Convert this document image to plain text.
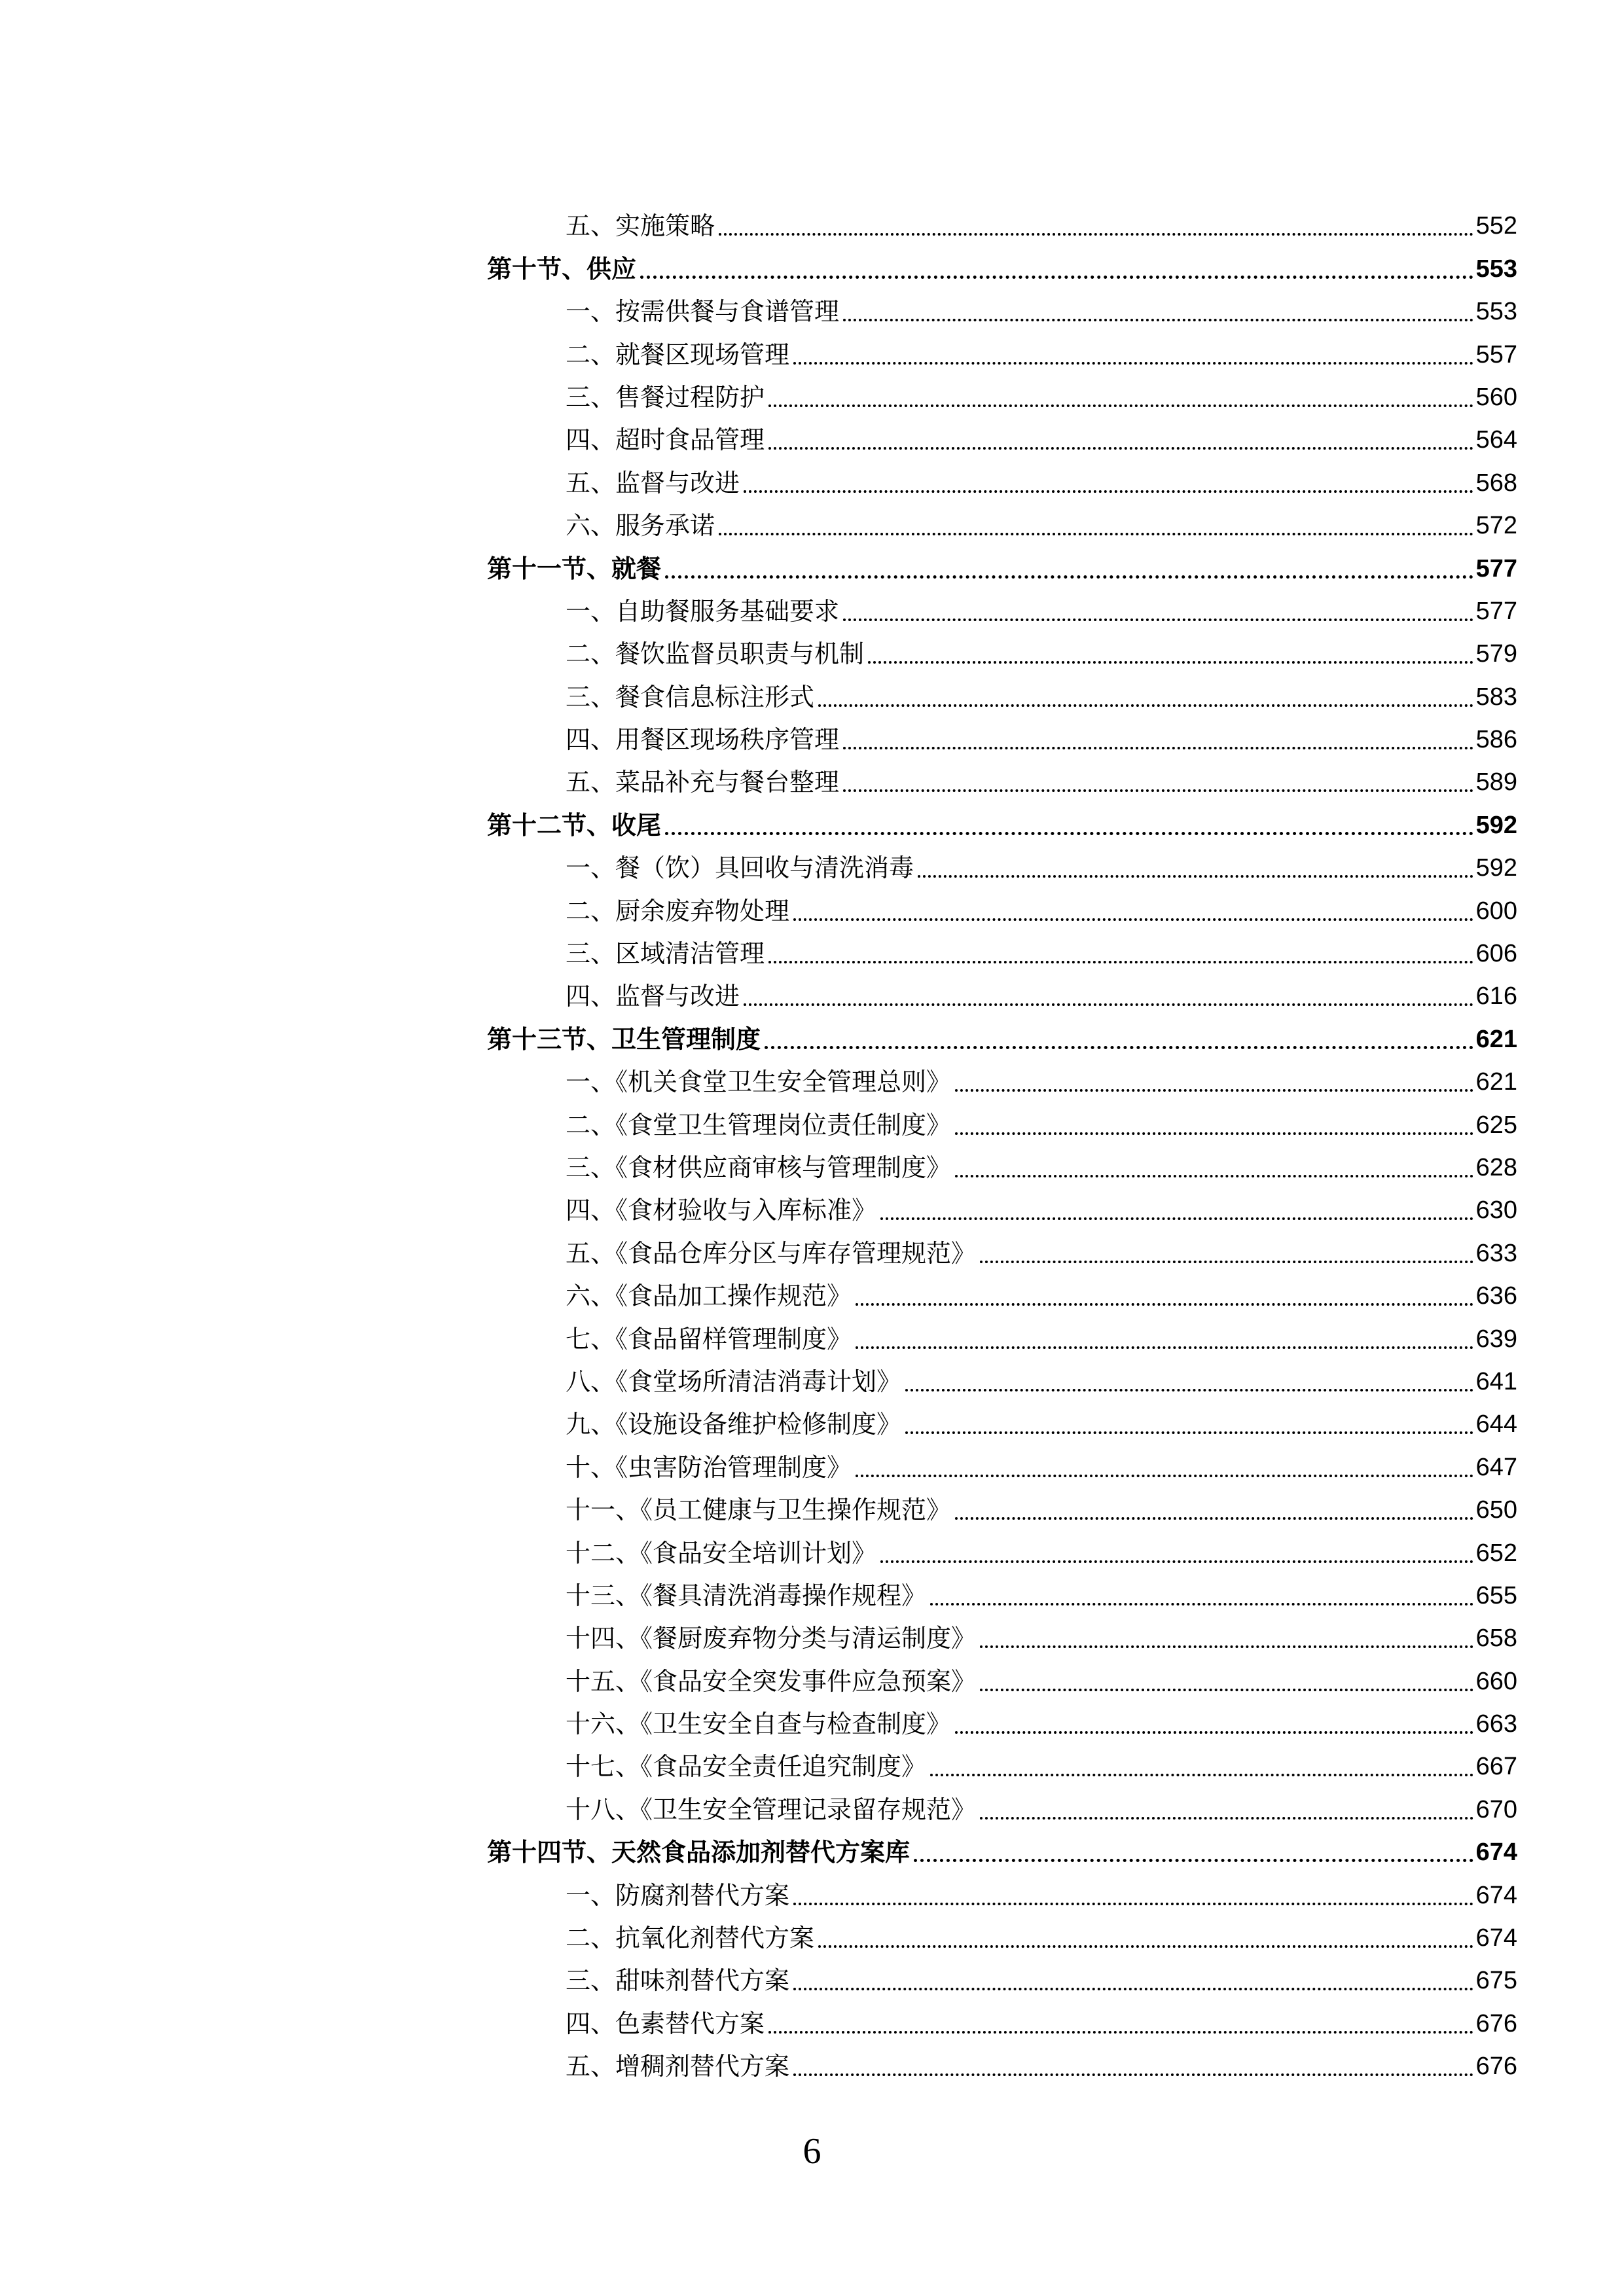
五、实施策略	552
第十节、供应	553
一、按需供餐与食谱管理	553
二、就餐区现场管理	557
三、售餐过程防护	560
四、超时食品管理	564
五、监督与改进	568
六、服务承诺	572
第十一节、就餐	577
一、自助餐服务基础要求	577
二、餐饮监督员职责与机制	579
三、餐食信息标注形式	583
四、用餐区现场秩序管理	586
五、菜品补充与餐台整理	589
第十二节、收尾	592
一、餐（饮）具回收与清洗消毒	592
二、厨余废弃物处理	600
三、区域清洁管理	606
四、监督与改进	616
第十三节、卫生管理制度	621
一、《机关食堂卫生安全管理总则》	621
二、《食堂卫生管理岗位责任制度》	625
三、《食材供应商审核与管理制度》	628
四、《食材验收与入库标准》	630
五、《食品仓库分区与库存管理规范》	633
六、《食品加工操作规范》	636
七、《食品留样管理制度》	639
八、《食堂场所清洁消毒计划》	641
九、《设施设备维护检修制度》	644
十、《虫害防治管理制度》	647
十一、《员工健康与卫生操作规范》	650
十二、《食品安全培训计划》	652
十三、《餐具清洗消毒操作规程》	655
十四、《餐厨废弃物分类与清运制度》	658
十五、《食品安全突发事件应急预案》	660
十六、《卫生安全自查与检查制度》	663
十七、《食品安全责任追究制度》	667
十八、《卫生安全管理记录留存规范》	670
第十四节、天然食品添加剂替代方案库	674
一、防腐剂替代方案	674
二、抗氧化剂替代方案	674
三、甜味剂替代方案	675
四、色素替代方案	676
五、增稠剂替代方案	676
6
